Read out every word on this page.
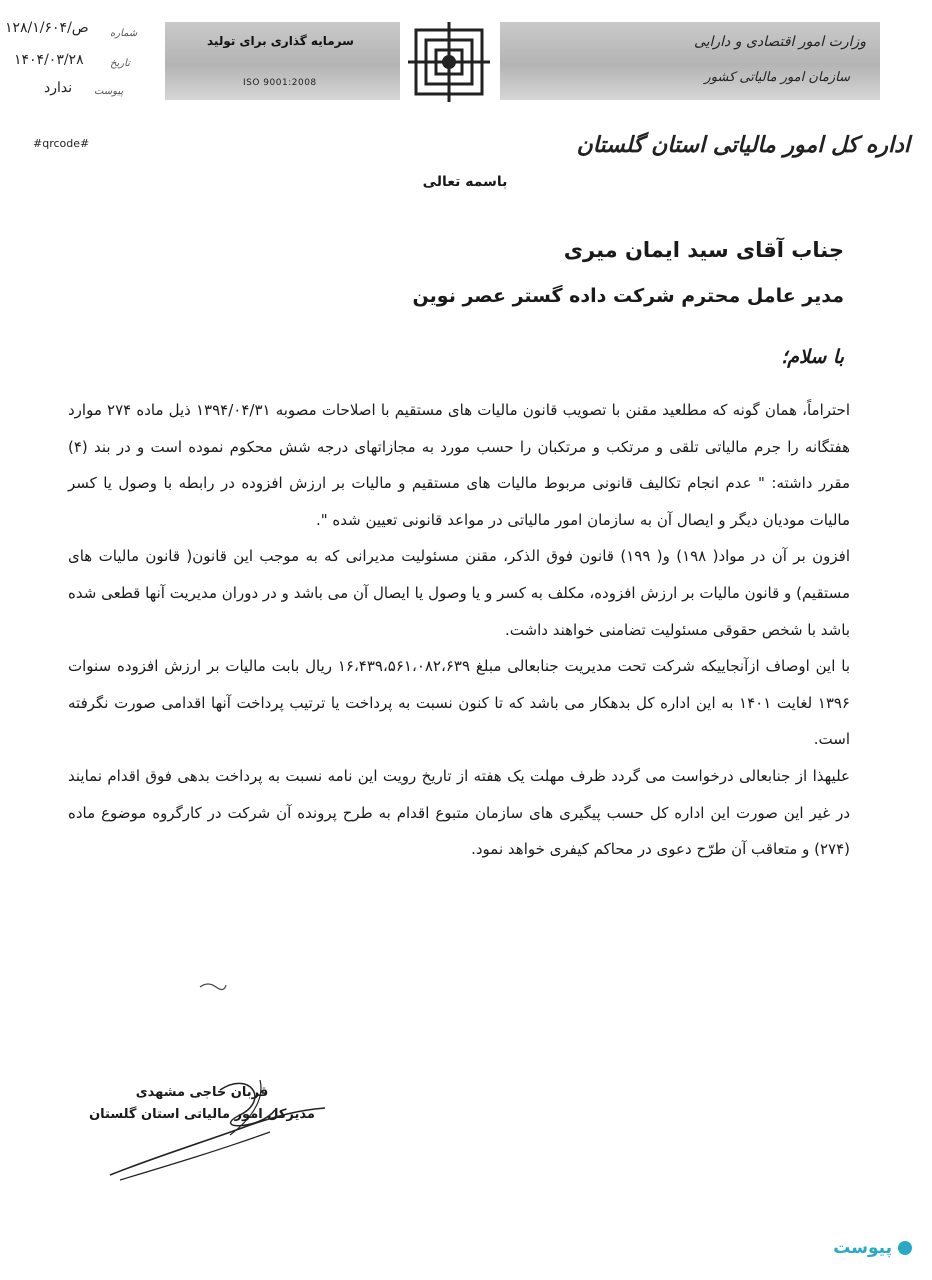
سرمایه گذاری برای تولید
ISO 9001:2008
وزارت امور اقتصادی و دارایی
سازمان امور مالیاتی کشور
اداره کل امور مالیاتی استان گلستان
۱۲۸/۱/۶۰۴/ص شماره
۱۴۰۴/۰۳/۲۸	تاریخ
ندارد پیوست
#qrcode#
باسمه تعالی
جناب آقای سید ایمان میری
مدیر عامل محترم شرکت داده گستر عصر نوین
با سلام؛

احتراماً، همان گونه که مطلعید مقنن با تصویب قانون مالیات های مستقیم با اصلاحات مصوبه ۱۳۹۴/۰۴/۳۱ ذیل ماده ۲۷۴ موارد هفتگانه را جرم مالیاتی تلقی و مرتکب و مرتکبان را حسب مورد به مجازاتهای درجه شش محکوم نموده است و در بند (۴) مقرر داشته: " عدم انجام تکالیف قانونی مربوط مالیات های مستقیم و مالیات بر ارزش افزوده در رابطه با وصول یا کسر مالیات مودیان دیگر و ایصال آن به سازمان امور مالیاتی در مواعد قانونی تعیین شده ".

افزون بر آن در مواد( ۱۹۸) و( ۱۹۹) قانون فوق الذکر، مقنن مسئولیت مدیرانی که به موجب این قانون( قانون مالیات های مستقیم) و قانون مالیات بر ارزش افزوده، مکلف به کسر و یا وصول یا ایصال آن می باشد و در دوران مدیریت آنها قطعی شده باشد با شخص حقوقی مسئولیت تضامنی خواهند داشت.

با این اوصاف ازآنجاییکه شرکت تحت مدیریت جنابعالی مبلغ ۱۶،۴۳۹،۵۶۱،۰۸۲،۶۳۹ ریال بابت مالیات بر ارزش افزوده سنوات ۱۳۹۶ لغایت ۱۴۰۱ به این اداره کل بدهکار می باشد که تا کنون نسبت به پرداخت یا ترتیب پرداخت آنها اقدامی صورت نگرفته است.

علیهذا از جنابعالی درخواست می گردد ظرف مهلت یک هفته از تاریخ رویت این نامه نسبت به پرداخت بدهی فوق اقدام نمایند در غیر این صورت این اداره کل حسب پیگیری های سازمان متبوع اقدام به طرح پرونده آن شرکت در کارگروه موضوع ماده (۲۷۴) و متعاقب آن طرّح دعوی در محاکم کیفری خواهد نمود.

قربان حاجی مشهدی
مدیرکل امور مالیاتی استان گلستان
پیوست
